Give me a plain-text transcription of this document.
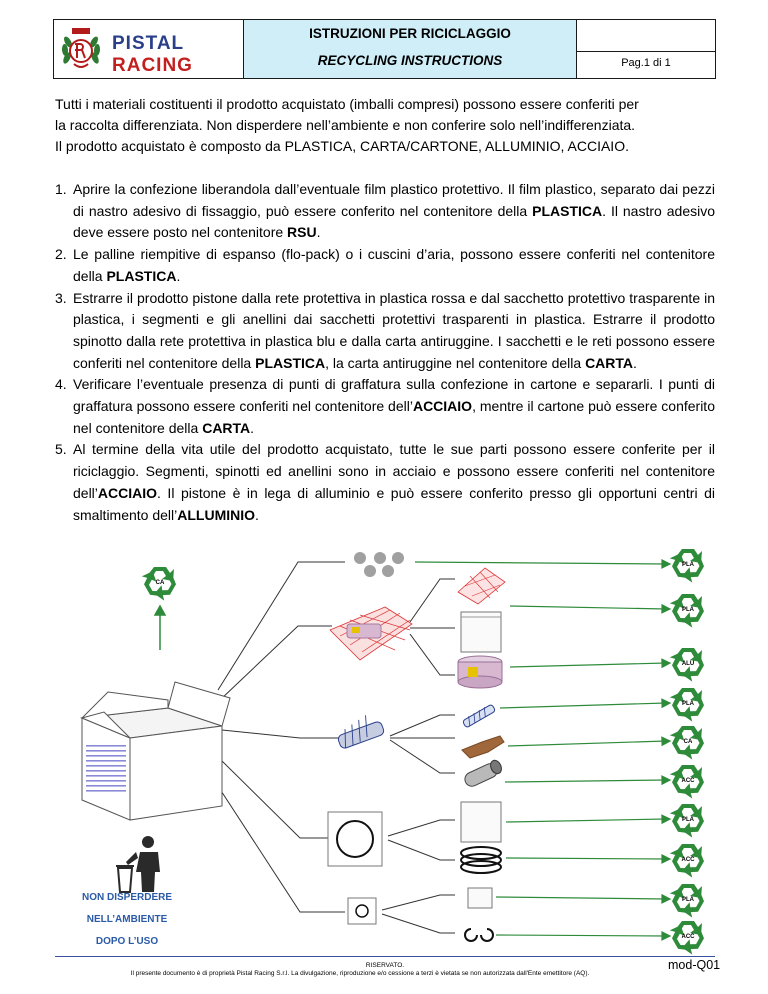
PISTAL
RACING
ISTRUZIONI PER RICICLAGGIO
RECYCLING INSTRUCTIONS	Pag.1 di 1

Tutti i materiali costituenti il prodotto acquistato (imballi compresi) possono essere conferiti per

la raccolta differenziata. Non disperdere nell’ambiente e non conferire solo nell’indifferenziata.

Il prodotto acquistato è composto da PLASTICA, CARTA/CARTONE, ALLUMINIO, ACCIAIO.

1. Aprire la confezione liberandola dall’eventuale film plastico protettivo. Il film plastico, separato dai pezzi di nastro adesivo di fissaggio, può essere conferito nel contenitore della PLASTICA. Il nastro adesivo deve essere posto nel contenitore RSU.
2. Le palline riempitive di espanso (flo-pack) o i cuscini d’aria, possono essere conferiti nel contenitore della PLASTICA.
3. Estrarre il prodotto pistone dalla rete protettiva in plastica rossa e dal sacchetto protettivo trasparente in plastica, i segmenti e gli anellini dai sacchetti protettivi trasparenti in plastica. Estrarre il prodotto spinotto dalla rete protettiva in plastica blu e dalla carta antiruggine. I sacchetti e le reti possono essere conferiti nel contenitore della PLASTICA, la carta antiruggine nel contenitore della CARTA.
4. Verificare l’eventuale presenza di punti di graffatura sulla confezione in cartone e separarli. I punti di graffatura possono essere conferiti nel contenitore dell’ACCIAIO, mentre il cartone può essere conferito nel contenitore della CARTA.
5. Al termine della vita utile del prodotto acquistato, tutte le sue parti possono essere conferite per il riciclaggio. Segmenti, spinotti ed anellini sono in acciaio e possono essere conferiti nel contenitore dell’ACCIAIO. Il pistone è in lega di alluminio e può essere conferito presso gli opportuni centri di smaltimento dell’ALLUMINIO.
CA
PLA
PLA
ALU
PLA
CA
ACC
PLA
ACC
PLA
ACC
NON DISPERDERE
NELL’AMBIENTE
DOPO L’USO
RISERVATO.
Il presente documento è di proprietà Pistal Racing S.r.l. La divulgazione, riproduzione e/o cessione a terzi è vietata se non autorizzata dall'Ente emettitore (AQ).
mod-Q01
